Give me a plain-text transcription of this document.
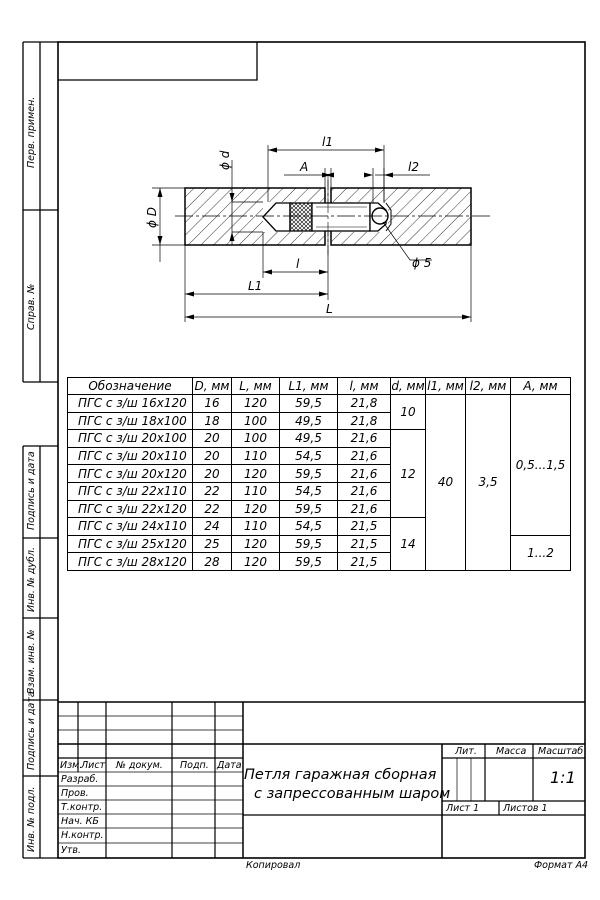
ϕ D
ϕ d
l1
A	l2
l
L1
L
ϕ 5
Перв. примен.
Справ. №
Подпись и дата
Инв. № дубл.
Взам. инв. №
Подпись и дата
Инв. № подл.
Обозначение	D, мм	L, мм	L1, мм	l, мм	d, мм	l1, мм	l2, мм	A, мм
ПГС с з/ш 16х120	16	120	59,5	21,8	10	40	3,5	0,5...1,5
ПГС с з/ш 18х100	18	100	49,5	21,8				
ПГС с з/ш 20х100	20	100	49,5	21,6	12			
ПГС с з/ш 20х110	20	110	54,5	21,6				
ПГС с з/ш 20х120	20	120	59,5	21,6				
ПГС с з/ш 22х110	22	110	54,5	21,6				
ПГС с з/ш 22х120	22	120	59,5	21,6				
ПГС с з/ш 24х110	24	110	54,5	21,5	14			
ПГС с з/ш 25х120	25	120	59,5	21,5				1...2
ПГС с з/ш 28х120	28	120	59,5	21,5				
Изм.
Лист № докум. Подп. Дата
Разраб.
Пров.
Т.контр.
Нач. КБ
Н.контр.
Утв.
Петля гаражная сборная
с запрессованным шаром
Лит. Масса Масштаб
1:1
Лист 1	Листов 1
Копировал	Формат А4
